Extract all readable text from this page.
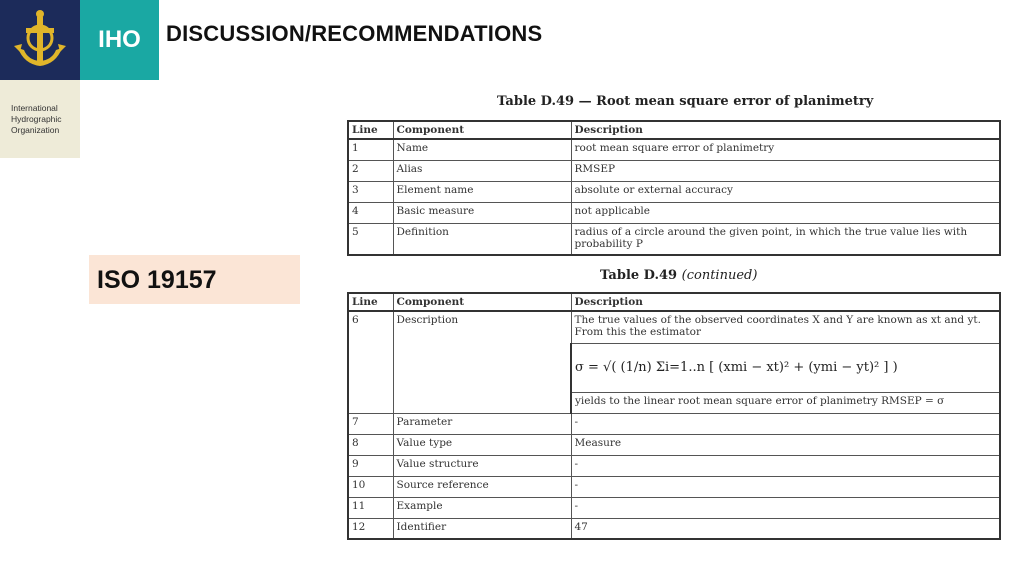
IHO
International Hydrographic Organization
DISCUSSION/RECOMMENDATIONS
ISO 19157
Table D.49 — Root mean square error of planimetry
Line	Component	Description
1	Name	root mean square error of planimetry
2	Alias	RMSEP
3	Element name	absolute or external accuracy
4	Basic measure	not applicable
5	Definition	radius of a circle around the given point, in which the true value lies with probability P
Table D.49 (continued)
Line	Component	Description
6	Description	The true values of the observed coordinates X and Y are known as xt and yt. From this the estimator

σ = √( (1/n) Σi=1..n [ (xmi − xt)² + (ymi − yt)² ] )

		yields to the linear root mean square error of planimetry RMSEP = σ
7	Parameter	-
8	Value type	Measure
9	Value structure	-
10	Source reference	-
11	Example	-
12	Identifier	47
